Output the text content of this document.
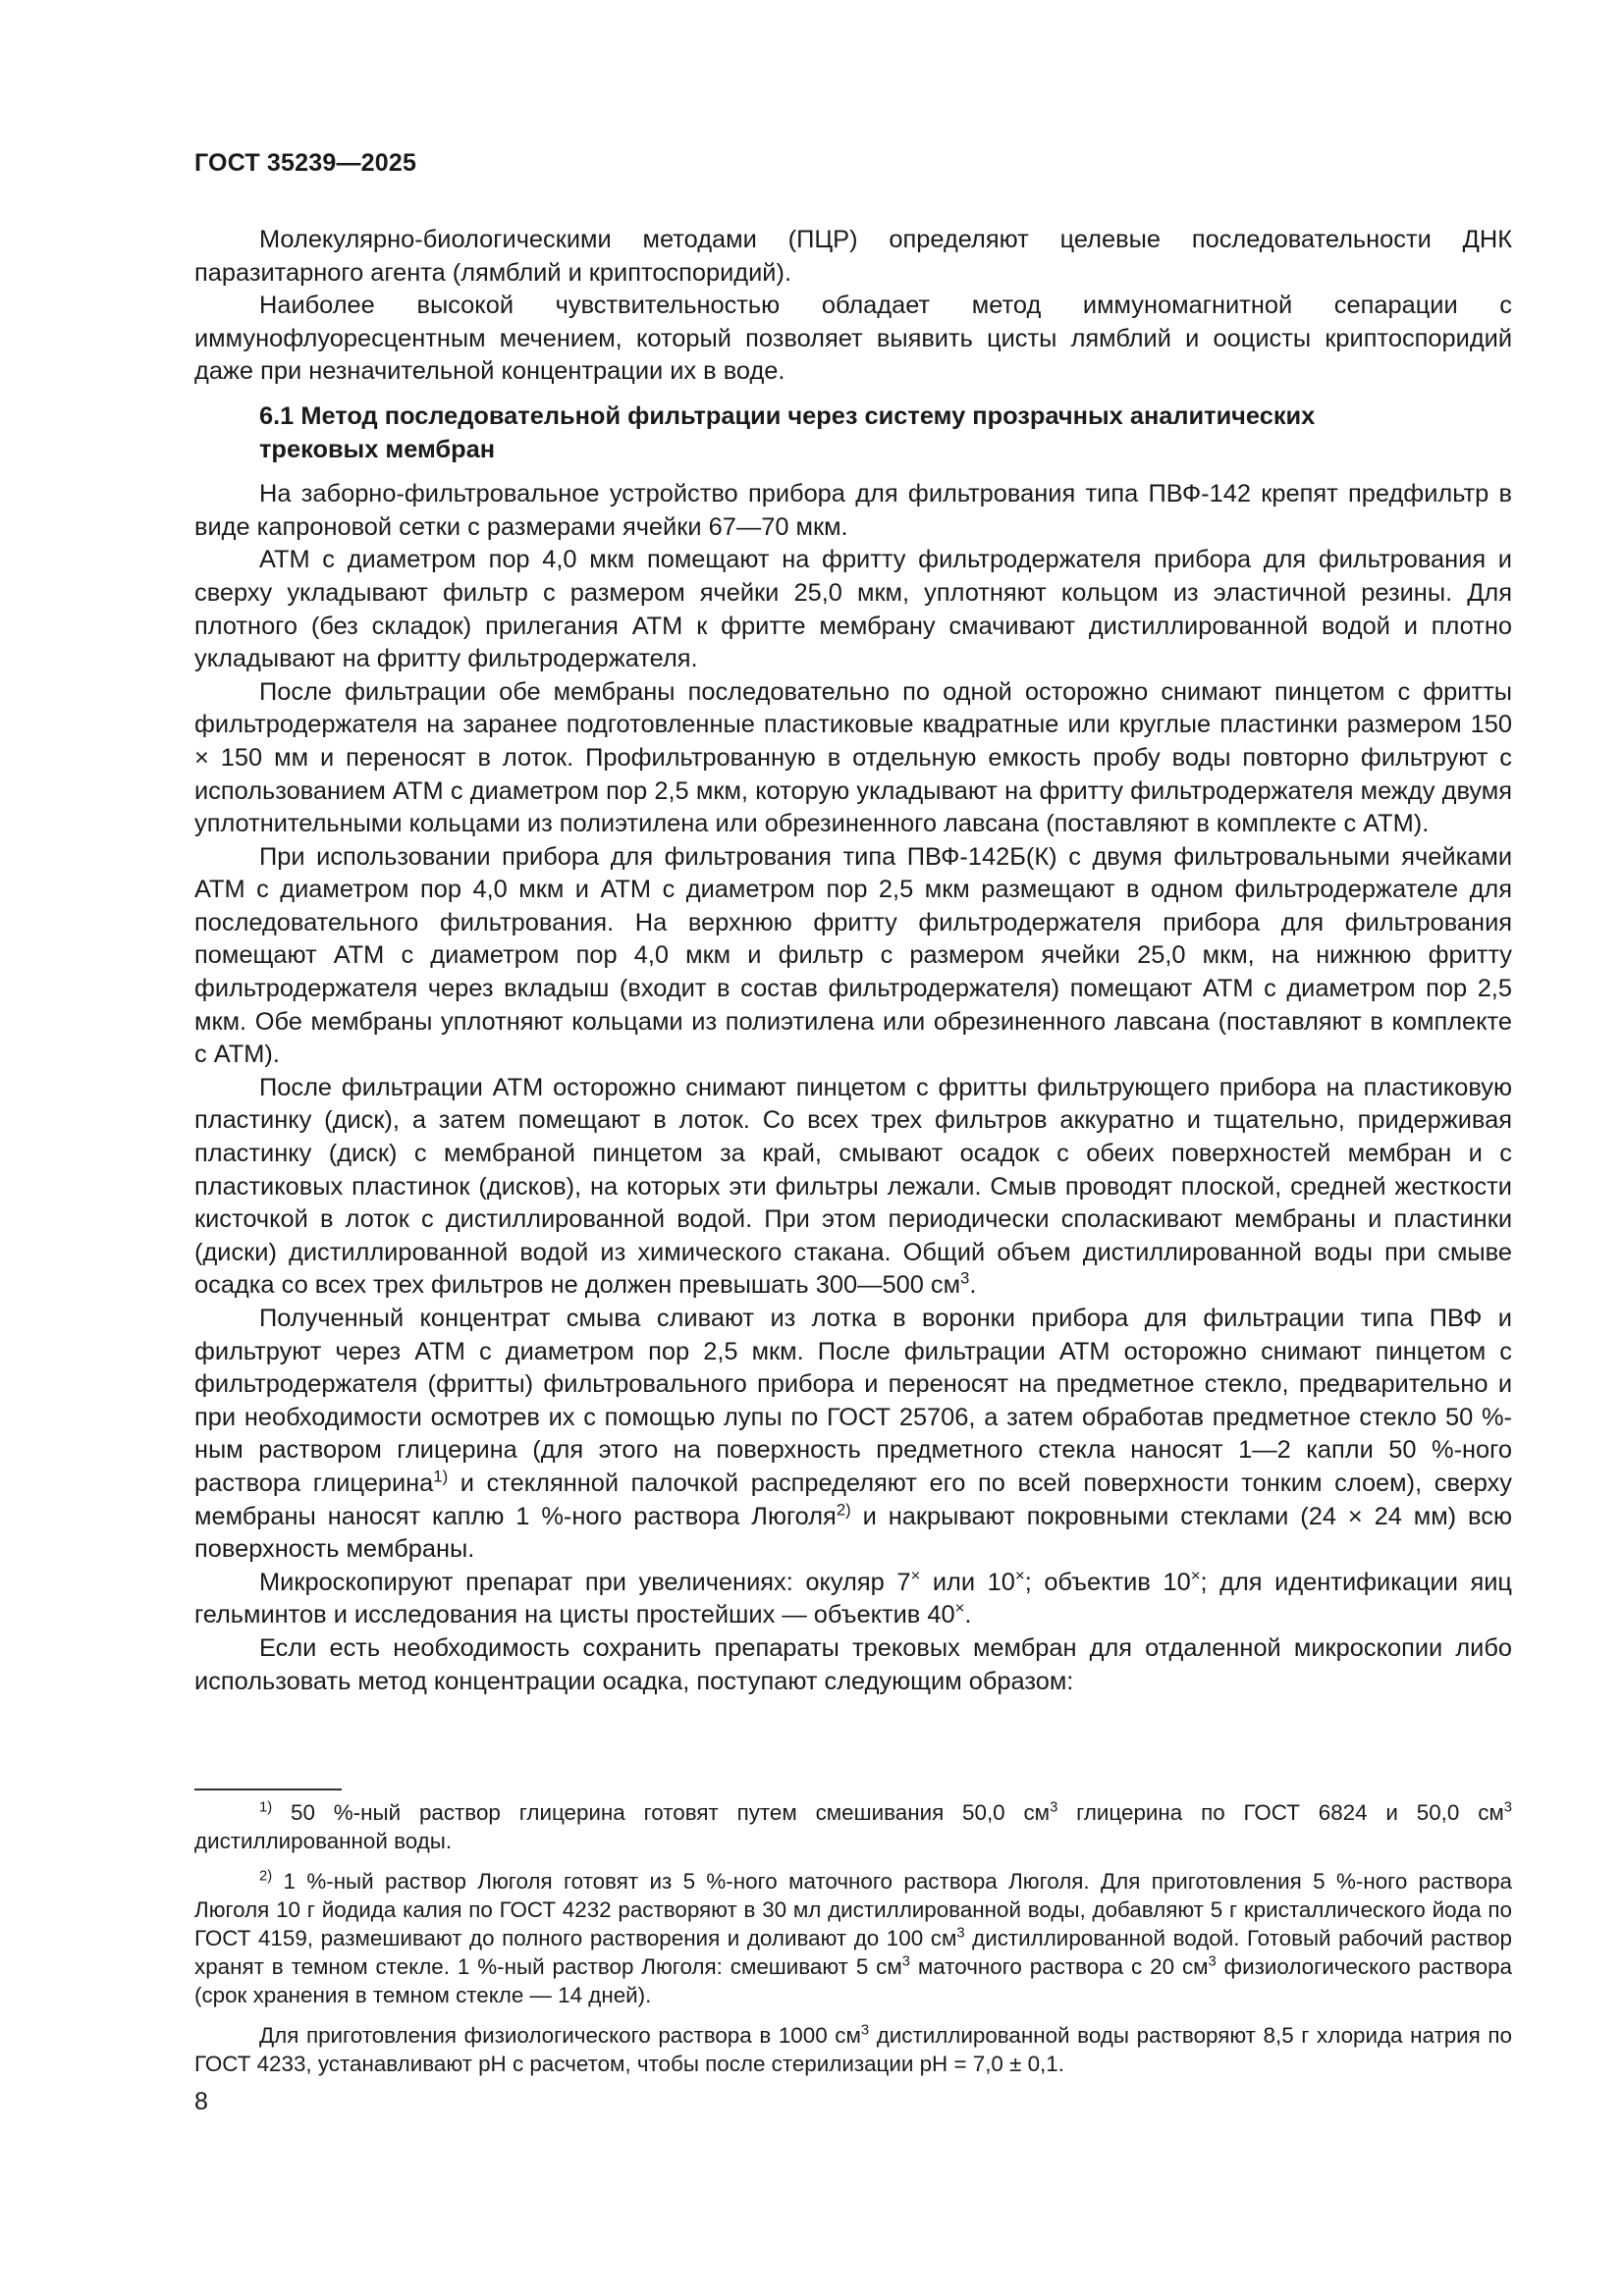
ГОСТ 35239—2025

Молекулярно-биологическими методами (ПЦР) определяют целевые последовательности ДНК паразитарного агента (лямблий и криптоспоридий).

Наиболее высокой чувствительностью обладает метод иммуномагнитной сепарации с иммунофлуоресцентным мечением, который позволяет выявить цисты лямблий и ооцисты криптоспоридий даже при незначительной концентрации их в воде.

6.1 Метод последовательной фильтрации через систему прозрачных аналитических трековых мембран

На заборно-фильтровальное устройство прибора для фильтрования типа ПВФ-142 крепят предфильтр в виде капроновой сетки с размерами ячейки 67—70 мкм.

АТМ с диаметром пор 4,0 мкм помещают на фритту фильтродержателя прибора для фильтрования и сверху укладывают фильтр с размером ячейки 25,0 мкм, уплотняют кольцом из эластичной резины. Для плотного (без складок) прилегания АТМ к фритте мембрану смачивают дистиллированной водой и плотно укладывают на фритту фильтродержателя.

После фильтрации обе мембраны последовательно по одной осторожно снимают пинцетом с фритты фильтродержателя на заранее подготовленные пластиковые квадратные или круглые пластинки размером 150 × 150 мм и переносят в лоток. Профильтрованную в отдельную емкость пробу воды повторно фильтруют с использованием АТМ с диаметром пор 2,5 мкм, которую укладывают на фритту фильтродержателя между двумя уплотнительными кольцами из полиэтилена или обрезиненного лавсана (поставляют в комплекте с АТМ).

При использовании прибора для фильтрования типа ПВФ-142Б(К) с двумя фильтровальными ячейками АТМ с диаметром пор 4,0 мкм и АТМ с диаметром пор 2,5 мкм размещают в одном фильтродержателе для последовательного фильтрования. На верхнюю фритту фильтродержателя прибора для фильтрования помещают АТМ с диаметром пор 4,0 мкм и фильтр с размером ячейки 25,0 мкм, на нижнюю фритту фильтродержателя через вкладыш (входит в состав фильтродержателя) помещают АТМ с диаметром пор 2,5 мкм. Обе мембраны уплотняют кольцами из полиэтилена или обрезиненного лавсана (поставляют в комплекте с АТМ).

После фильтрации АТМ осторожно снимают пинцетом с фритты фильтрующего прибора на пластиковую пластинку (диск), а затем помещают в лоток. Со всех трех фильтров аккуратно и тщательно, придерживая пластинку (диск) с мембраной пинцетом за край, смывают осадок с обеих поверхностей мембран и с пластиковых пластинок (дисков), на которых эти фильтры лежали. Смыв проводят плоской, средней жесткости кисточкой в лоток с дистиллированной водой. При этом периодически споласкивают мембраны и пластинки (диски) дистиллированной водой из химического стакана. Общий объем дистиллированной воды при смыве осадка со всех трех фильтров не должен превышать 300—500 $см^3$.

Полученный концентрат смыва сливают из лотка в воронки прибора для фильтрации типа ПВФ и фильтруют через АТМ с диаметром пор 2,5 мкм. После фильтрации АТМ осторожно снимают пинцетом с фильтродержателя (фритты) фильтровального прибора и переносят на предметное стекло, предварительно и при необходимости осмотрев их с помощью лупы по ГОСТ 25706, а затем обработав предметное стекло 50 %-ным раствором глицерина (для этого на поверхность предметного стекла наносят 1—2 капли 50 %-ного раствора глицерина$^{1)}$ и стеклянной палочкой распределяют его по всей поверхности тонким слоем), сверху мембраны наносят каплю 1 %-ного раствора Люголя$^{2)}$ и накрывают покровными стеклами (24 × 24 мм) всю поверхность мембраны.

Микроскопируют препарат при увеличениях: окуляр 7× или 10×; объектив 10×; для идентификации яиц гельминтов и исследования на цисты простейших — объектив 40×.

Если есть необходимость сохранить препараты трековых мембран для отдаленной микроскопии либо использовать метод концентрации осадка, поступают следующим образом:

$^{1)}$ 50 %-ный раствор глицерина готовят путем смешивания 50,0 $см^3$ глицерина по ГОСТ 6824 и 50,0 $см^3$ дистиллированной воды.

$^{2)}$ 1 %-ный раствор Люголя готовят из 5 %-ного маточного раствора Люголя. Для приготовления 5 %-ного раствора Люголя 10 г йодида калия по ГОСТ 4232 растворяют в 30 мл дистиллированной воды, добавляют 5 г кристаллического йода по ГОСТ 4159, размешивают до полного растворения и доливают до 100 $см^3$ дистиллированной водой. Готовый рабочий раствор хранят в темном стекле. 1 %-ный раствор Люголя: смешивают 5 $см^3$ маточного раствора с 20 $см^3$ физиологического раствора (срок хранения в темном стекле — 14 дней).

Для приготовления физиологического раствора в 1000 $см^3$ дистиллированной воды растворяют 8,5 г хлорида натрия по ГОСТ 4233, устанавливают рН с расчетом, чтобы после стерилизации рН = 7,0 ± 0,1.

8
